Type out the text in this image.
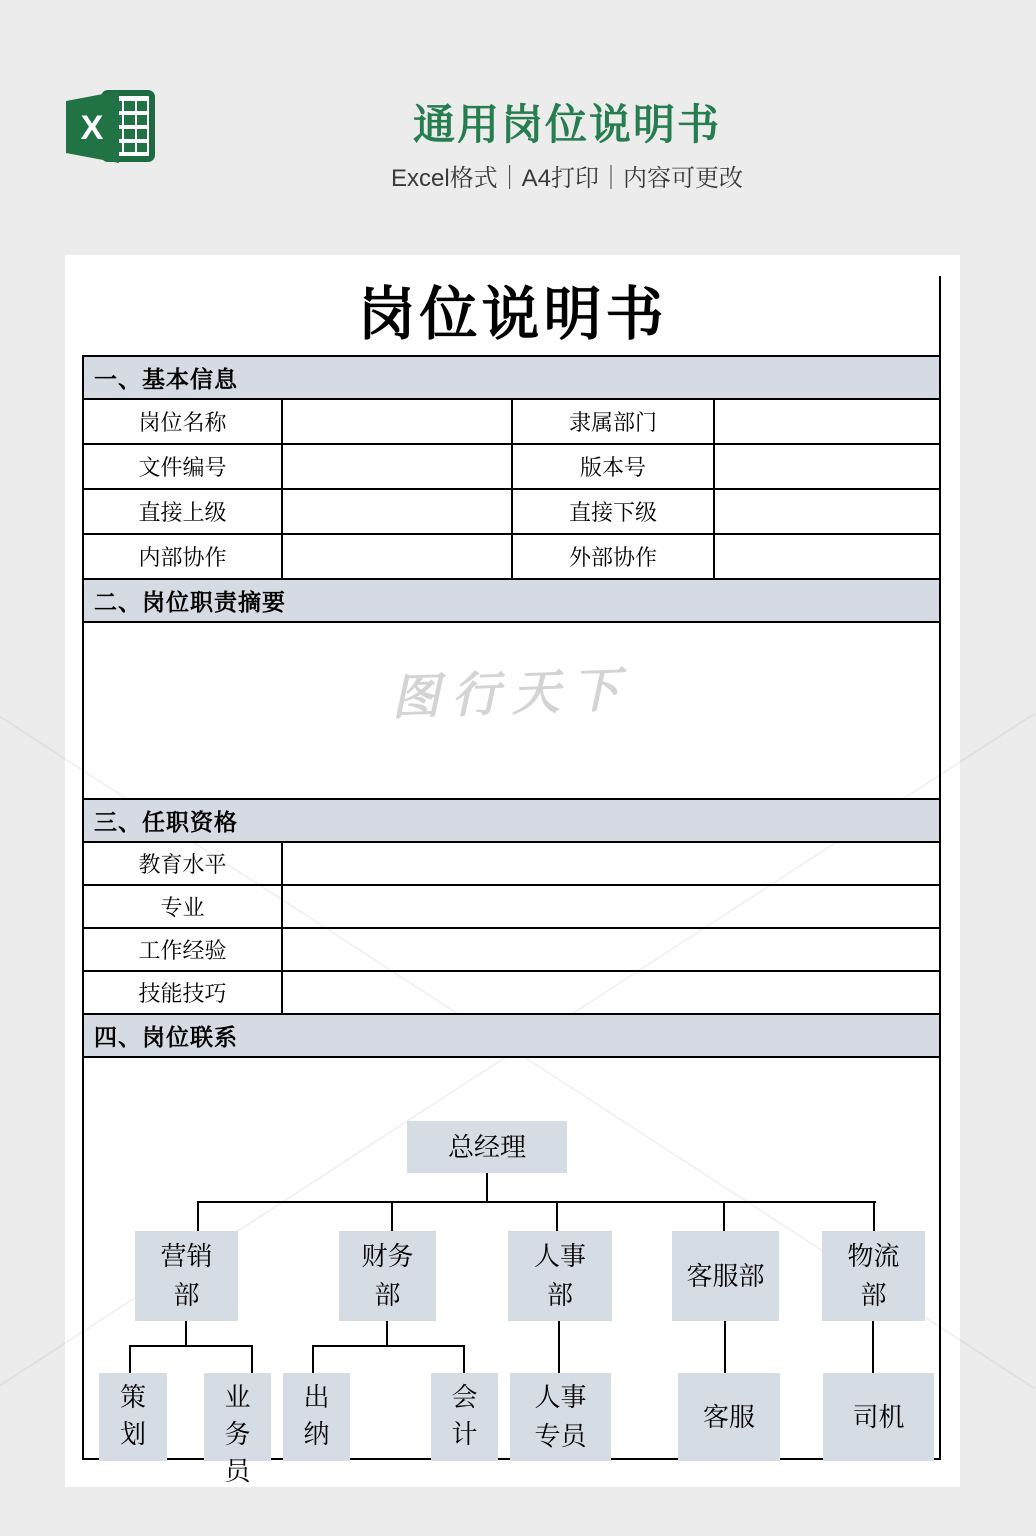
X	通用岗位说明书
Excel格式｜A4打印｜内容可更改
岗位说明书
一、基本信息
岗位名称	隶属部门
文件编号	版本号
直接上级	直接下级
内部协作	外部协作
二、岗位职责摘要
图行天下
三、任职资格
教育水平
专业
工作经验
技能技巧
四、岗位联系
总经理
营销部
财务部
人事部
客服部
物流部
策划
业务员
出纳
会计
人事专员
客服	司机
